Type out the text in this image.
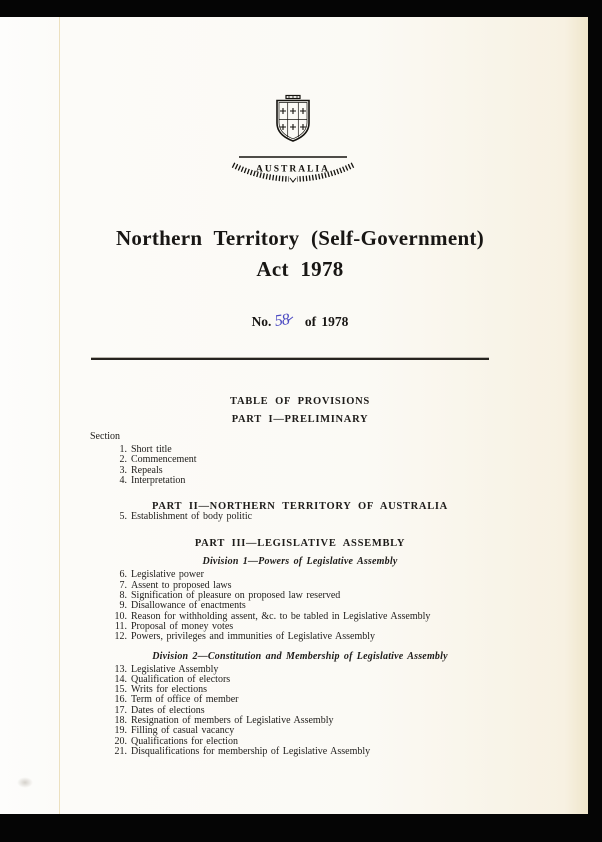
AUSTRALIA
Northern Territory (Self-Government)
Act 1978
No. 58 of 1978
TABLE OF PROVISIONS
PART I—PRELIMINARY
Section
1. Short title
2. Commencement
3. Repeals
4. Interpretation
PART II—NORTHERN TERRITORY OF AUSTRALIA
5. Establishment of body politic
PART III—LEGISLATIVE ASSEMBLY
Division 1—Powers of Legislative Assembly
6. Legislative power
7. Assent to proposed laws
8. Signification of pleasure on proposed law reserved
9. Disallowance of enactments
10. Reason for withholding assent, &c. to be tabled in Legislative Assembly
11. Proposal of money votes
12. Powers, privileges and immunities of Legislative Assembly
Division 2—Constitution and Membership of Legislative Assembly
13. Legislative Assembly
14. Qualification of electors
15. Writs for elections
16. Term of office of member
17. Dates of elections
18. Resignation of members of Legislative Assembly
19. Filling of casual vacancy
20. Qualifications for election
21. Disqualifications for membership of Legislative Assembly
